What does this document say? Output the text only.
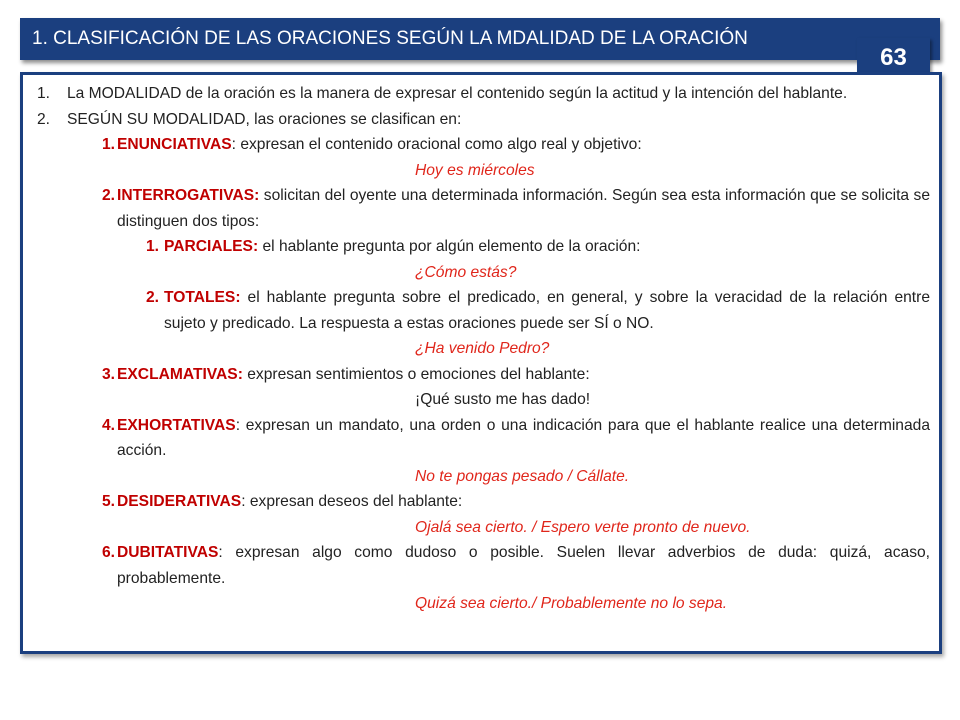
1. CLASIFICACIÓN DE LAS ORACIONES SEGÚN LA MDALIDAD DE LA ORACIÓN
63
1. La MODALIDAD de la oración es la manera de expresar el contenido según la actitud y la intención del hablante.
2. SEGÚN SU MODALIDAD, las oraciones se clasifican en:
1. ENUNCIATIVAS: expresan el contenido oracional como algo real y objetivo:
Hoy es miércoles
2. INTERROGATIVAS: solicitan del oyente una determinada información. Según sea esta información que se solicita se distinguen dos tipos:
1. PARCIALES: el hablante pregunta por algún elemento de la oración:
¿Cómo estás?
2. TOTALES: el hablante pregunta sobre el predicado, en general, y sobre la veracidad de la relación entre sujeto y predicado. La respuesta a estas oraciones puede ser SÍ o NO.
¿Ha venido Pedro?
3. EXCLAMATIVAS: expresan sentimientos o emociones del hablante:
¡Qué susto me has dado!
4. EXHORTATIVAS: expresan un mandato, una orden o una indicación para que el hablante realice una determinada acción.
No te pongas pesado / Cállate.
5. DESIDERATIVAS: expresan deseos del hablante:
Ojalá sea cierto. / Espero verte pronto de nuevo.
6. DUBITATIVAS: expresan algo como dudoso o posible. Suelen llevar adverbios de duda: quizá, acaso, probablemente.
Quizá sea cierto./ Probablemente no lo sepa.
